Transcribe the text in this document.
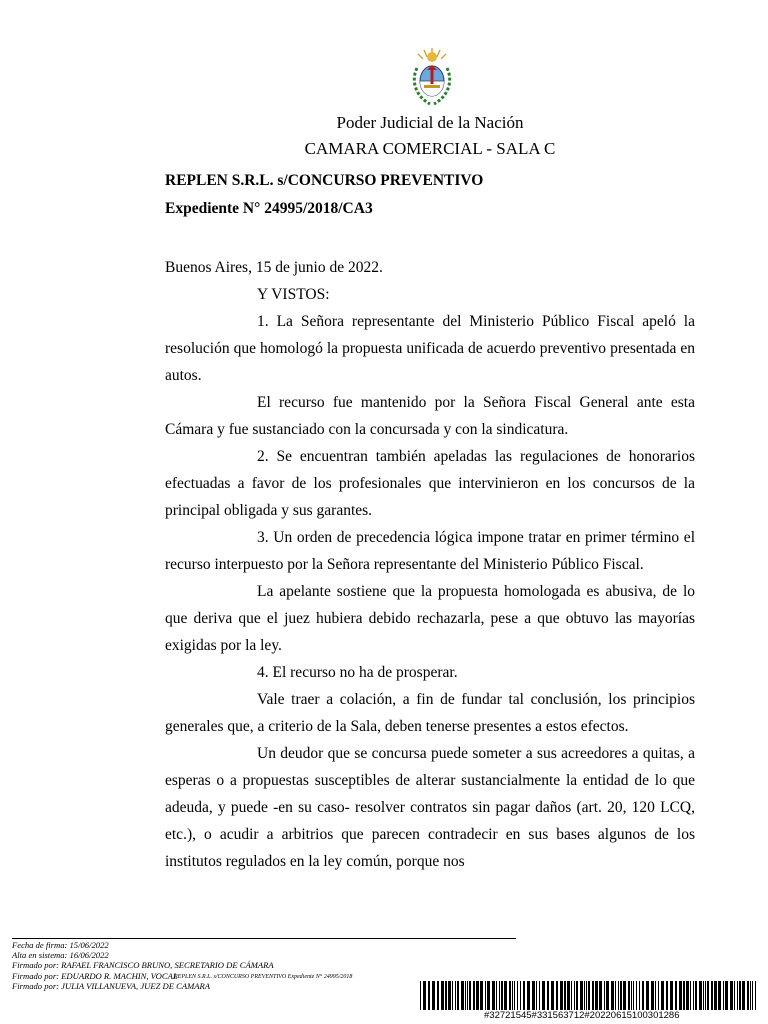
Poder Judicial de la Nación
CAMARA COMERCIAL - SALA C
REPLEN S.R.L. s/CONCURSO PREVENTIVO
Expediente N° 24995/2018/CA3

Buenos Aires, 15 de junio de 2022.

Y VISTOS:

1. La Señora representante del Ministerio Público Fiscal apeló la resolución que homologó la propuesta unificada de acuerdo preventivo presentada en autos.

El recurso fue mantenido por la Señora Fiscal General ante esta Cámara y fue sustanciado con la concursada y con la sindicatura.

2. Se encuentran también apeladas las regulaciones de honorarios efectuadas a favor de los profesionales que intervinieron en los concursos de la principal obligada y sus garantes.

3. Un orden de precedencia lógica impone tratar en primer término el recurso interpuesto por la Señora representante del Ministerio Público Fiscal.

La apelante sostiene que la propuesta homologada es abusiva, de lo que deriva que el juez hubiera debido rechazarla, pese a que obtuvo las mayorías exigidas por la ley.

4. El recurso no ha de prosperar.

Vale traer a colación, a fin de fundar tal conclusión, los principios generales que, a criterio de la Sala, deben tenerse presentes a estos efectos.

Un deudor que se concursa puede someter a sus acreedores a quitas, a esperas o a propuestas susceptibles de alterar sustancialmente la entidad de lo que adeuda, y puede -en su caso- resolver contratos sin pagar daños (art. 20, 120 LCQ, etc.), o acudir a arbitrios que parecen contradecir en sus bases algunos de los institutos regulados en la ley común, porque nos

Fecha de firma: 15/06/2022
Alta en sistema: 16/06/2022
Firmado por: RAFAEL FRANCISCO BRUNO, SECRETARIO DE CÁMARA
Firmado por: EDUARDO R. MACHIN, VOCAL
Firmado por: JULIA VILLANUEVA, JUEZ DE CAMARA
REPLEN S.R.L. s/CONCURSO PREVENTIVO Expediente N° 24995/2018
#32721545#331563712#20220615100301286
